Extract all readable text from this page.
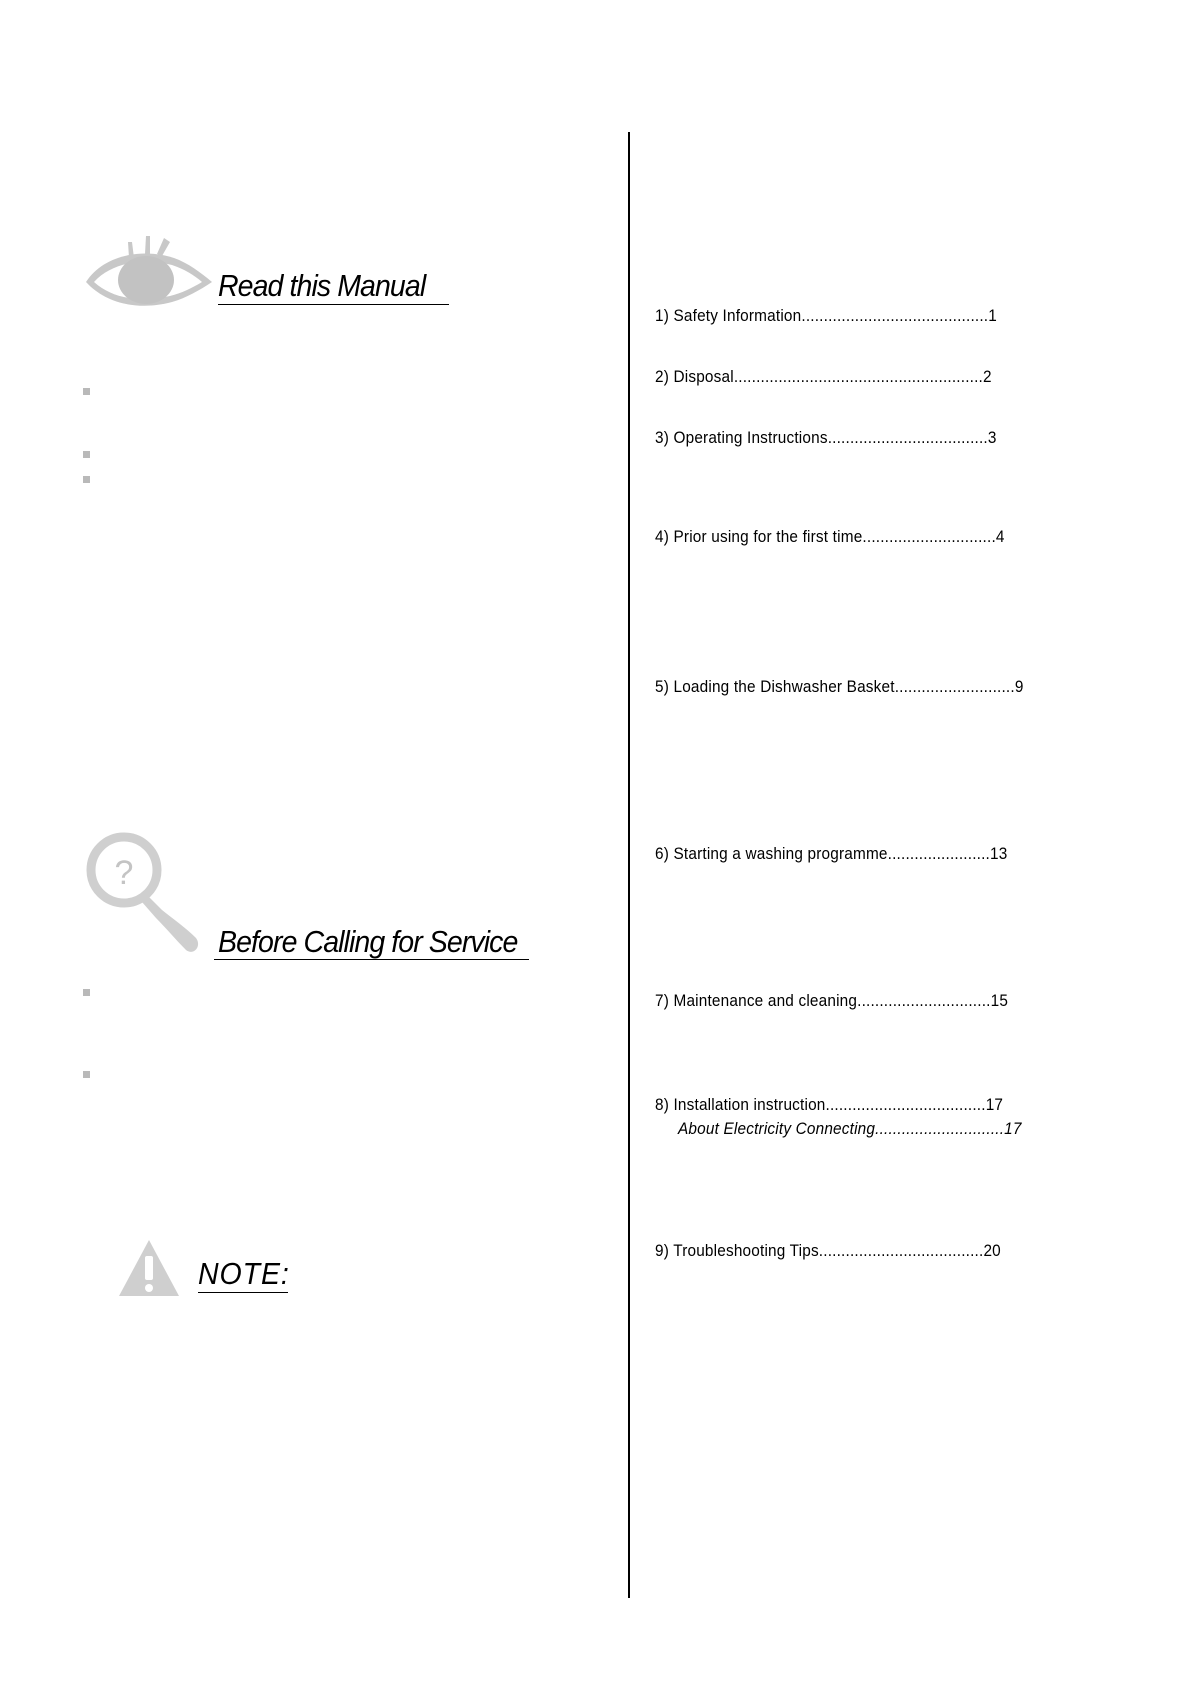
Read this Manual
?
Before Calling for Service
NOTE:
1) Safety Information..........................................1
2) Disposal........................................................2
3) Operating Instructions....................................3
4) Prior using for the first time..............................4
5) Loading the Dishwasher Basket...........................9
6) Starting a washing programme.......................13
7) Maintenance and cleaning..............................15
8) Installation instruction....................................17
About Electricity Connecting.............................17
9) Troubleshooting Tips.....................................20
